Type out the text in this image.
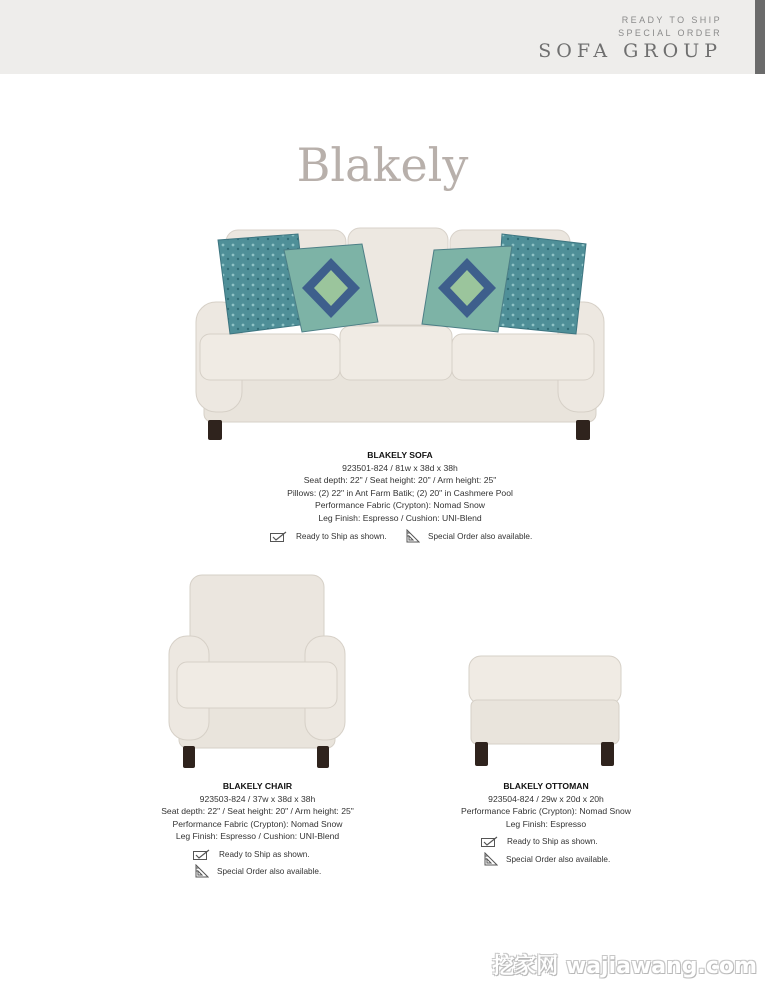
READY TO SHIP
SPECIAL ORDER
SOFA GROUP
Blakely
BLAKELY SOFA
923501-824 / 81w x 38d x 38h
Seat depth: 22" / Seat height: 20" / Arm height: 25"
Pillows: (2) 22" in Ant Farm Batik; (2) 20" in Cashmere Pool
Performance Fabric (Crypton): Nomad Snow
Leg Finish: Espresso / Cushion: UNI-Blend
Ready to Ship as shown.	Special Order also available.
BLAKELY CHAIR
923503-824 / 37w x 38d x 38h
Seat depth: 22" / Seat height: 20" / Arm height: 25"
Performance Fabric (Crypton): Nomad Snow
Leg Finish: Espresso / Cushion: UNI-Blend
Ready to Ship as shown.
Special Order also available.
BLAKELY OTTOMAN
923504-824 / 29w x 20d x 20h
Performance Fabric (Crypton): Nomad Snow
Leg Finish: Espresso
Ready to Ship as shown.
Special Order also available.
挖家网 wajiawang.com
